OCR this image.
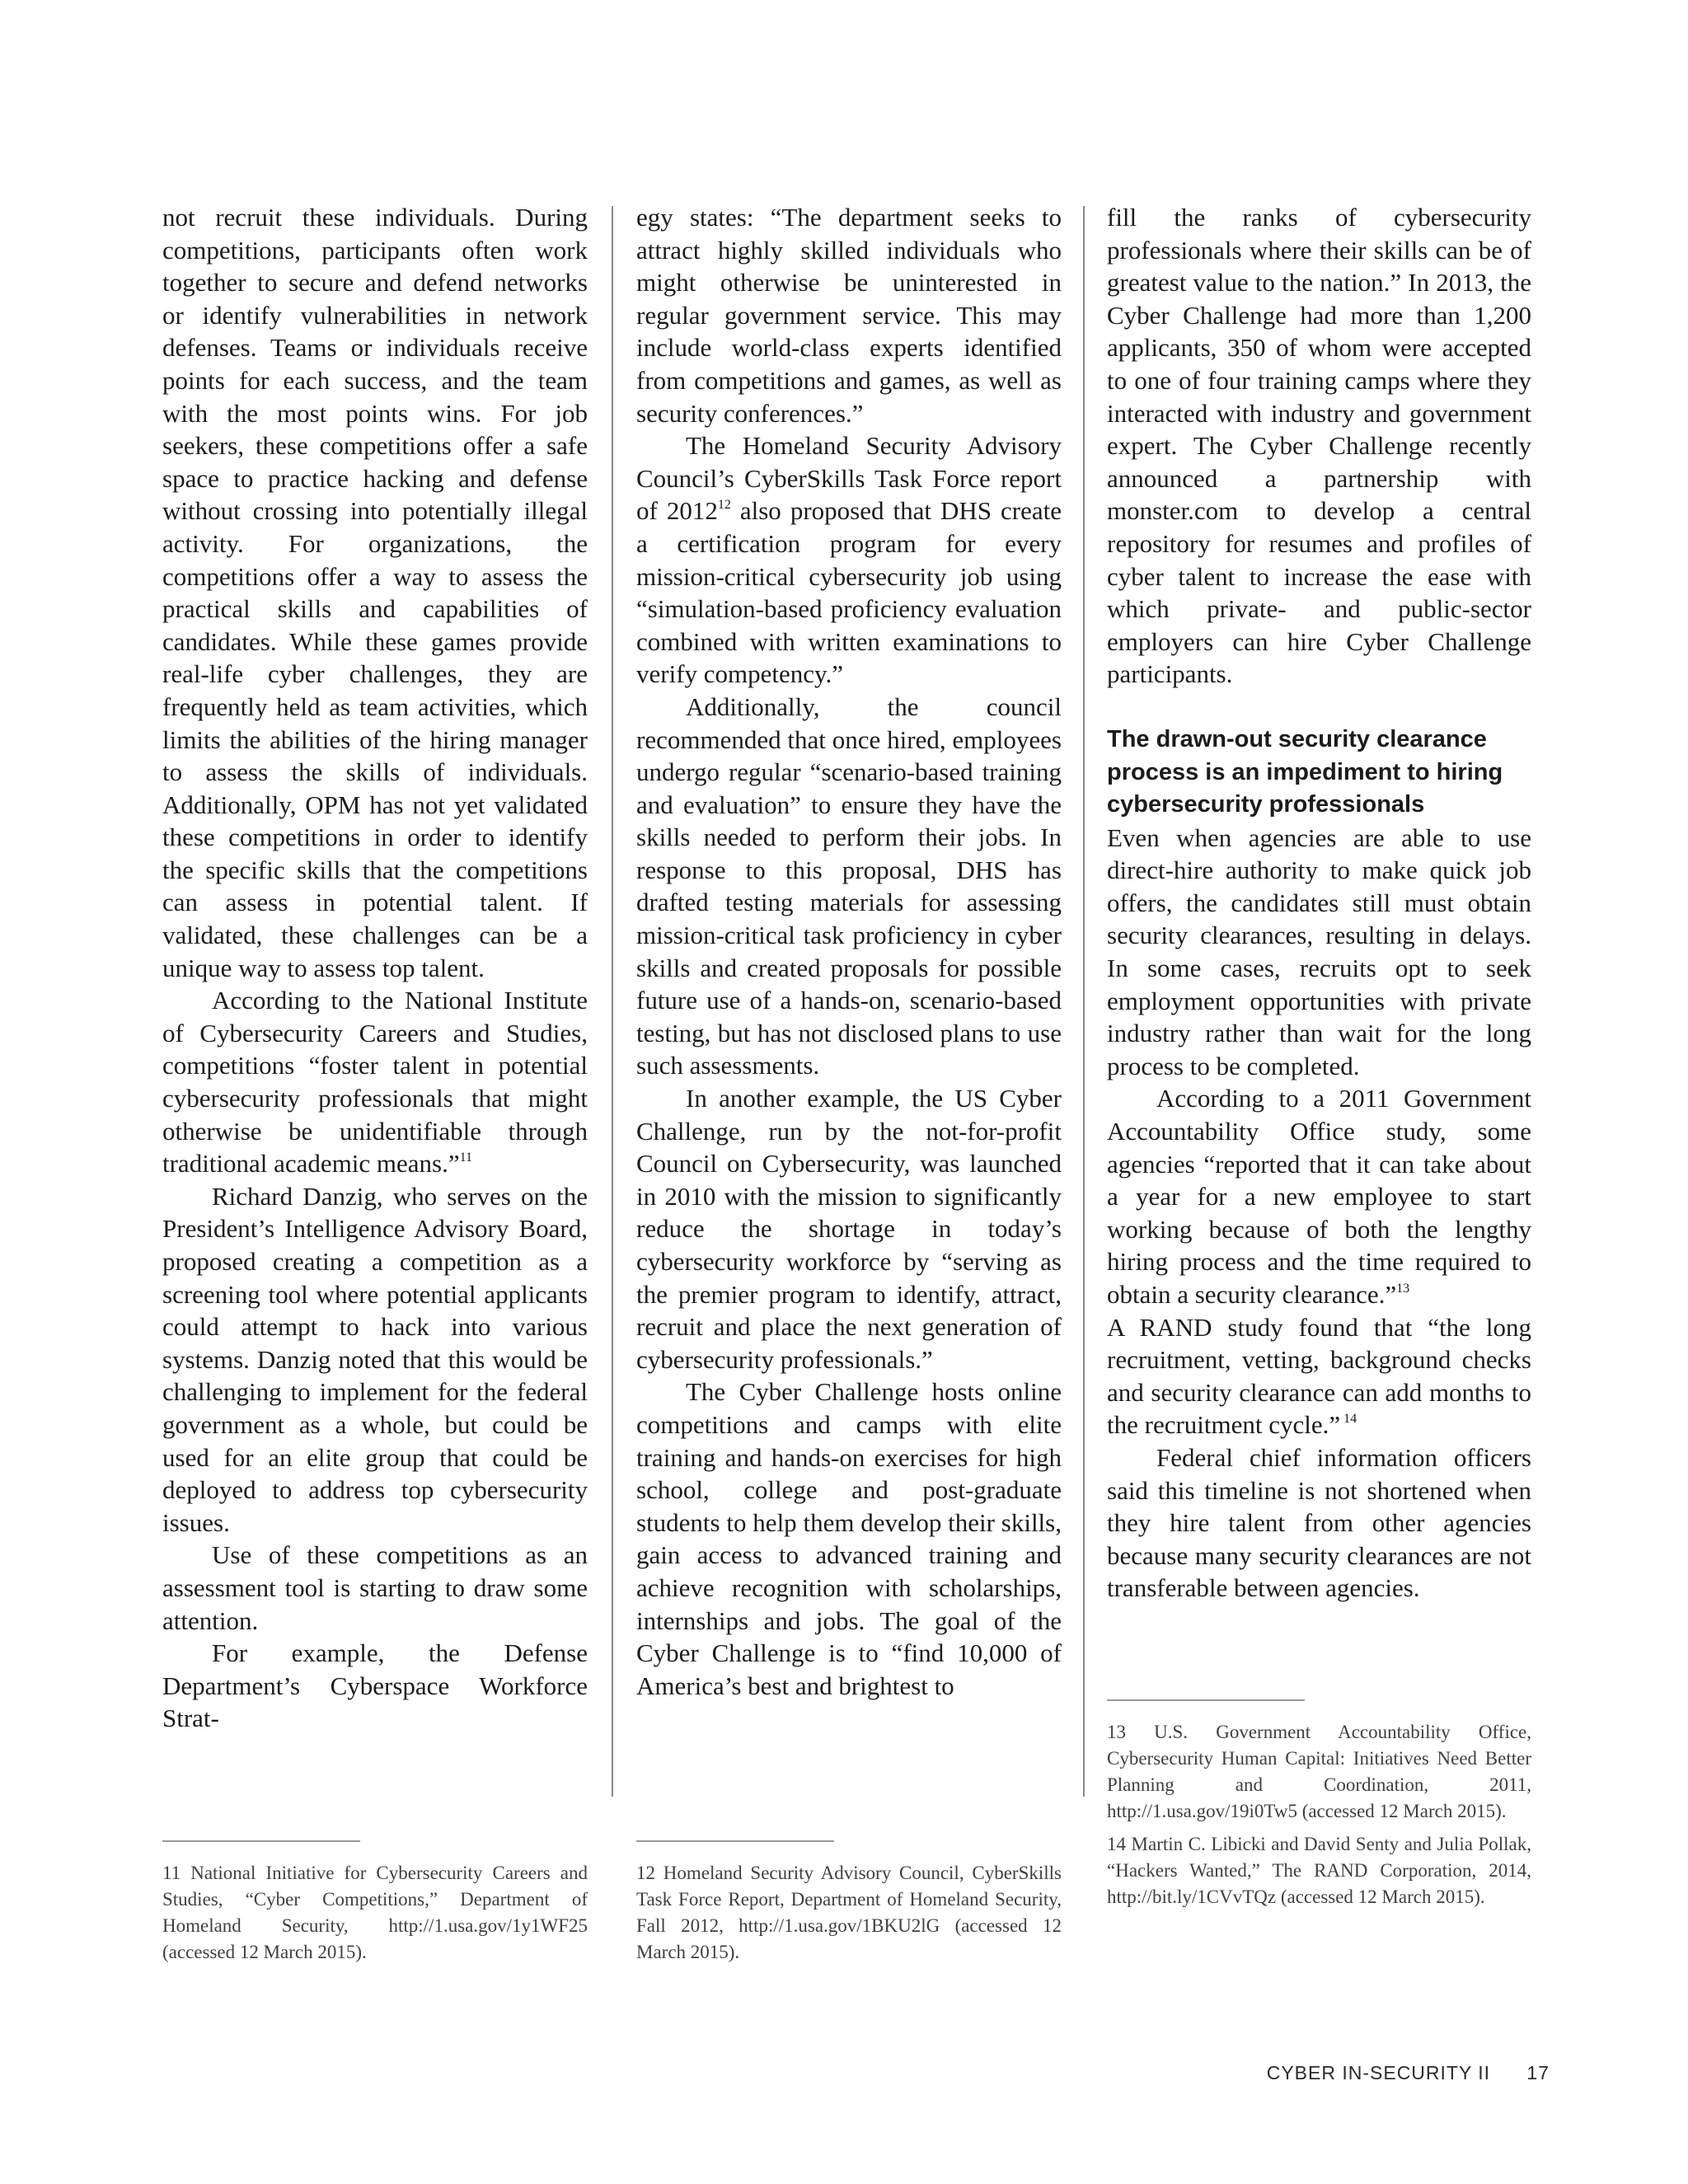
not recruit these individuals. During competitions, participants often work together to secure and defend networks or identify vulnerabilities in network defenses. Teams or individuals receive points for each success, and the team with the most points wins. For job seekers, these competitions offer a safe space to practice hacking and defense without crossing into potentially illegal activity. For organizations, the competitions offer a way to assess the practical skills and capabilities of candidates. While these games provide real-life cyber challenges, they are frequently held as team activities, which limits the abilities of the hiring manager to assess the skills of individuals. Additionally, OPM has not yet validated these competitions in order to identify the specific skills that the competitions can assess in potential talent. If validated, these challenges can be a unique way to assess top talent.

According to the National Institute of Cybersecurity Careers and Studies, competitions “foster talent in potential cybersecurity professionals that might otherwise be unidentifiable through traditional academic means.”$^{11}$

Richard Danzig, who serves on the President’s Intelligence Advisory Board, proposed creating a competition as a screening tool where potential applicants could attempt to hack into various systems. Danzig noted that this would be challenging to implement for the federal government as a whole, but could be used for an elite group that could be deployed to address top cybersecurity issues.

Use of these competitions as an assessment tool is starting to draw some attention.

For example, the Defense Department’s Cyberspace Workforce Strat-

egy states: “The department seeks to attract highly skilled individuals who might otherwise be uninterested in regular government service. This may include world-class experts identified from competitions and games, as well as security conferences.”

The Homeland Security Advisory Council’s CyberSkills Task Force report of 2012$^{12}$ also proposed that DHS create a certification program for every mission-critical cybersecurity job using “simulation-based proficiency evaluation combined with written examinations to verify competency.”

Additionally, the council recommended that once hired, employees undergo regular “scenario-based training and evaluation” to ensure they have the skills needed to perform their jobs. In response to this proposal, DHS has drafted testing materials for assessing mission-critical task proficiency in cyber skills and created proposals for possible future use of a hands-on, scenario-based testing, but has not disclosed plans to use such assessments.

In another example, the US Cyber Challenge, run by the not-for-profit Council on Cybersecurity, was launched in 2010 with the mission to significantly reduce the shortage in today’s cybersecurity workforce by “serving as the premier program to identify, attract, recruit and place the next generation of cybersecurity professionals.”

The Cyber Challenge hosts online competitions and camps with elite training and hands-on exercises for high school, college and post-graduate students to help them develop their skills, gain access to advanced training and achieve recognition with scholarships, internships and jobs. The goal of the Cyber Challenge is to “find 10,000 of America’s best and brightest to

fill the ranks of cybersecurity professionals where their skills can be of greatest value to the nation.” In 2013, the Cyber Challenge had more than 1,200 applicants, 350 of whom were accepted to one of four training camps where they interacted with industry and government expert. The Cyber Challenge recently announced a partnership with monster.com to develop a central repository for resumes and profiles of cyber talent to increase the ease with which private- and public-sector employers can hire Cyber Challenge participants.

The drawn-out security clearance process is an impediment to hiring cybersecurity professionals

Even when agencies are able to use direct-hire authority to make quick job offers, the candidates still must obtain security clearances, resulting in delays. In some cases, recruits opt to seek employment opportunities with private industry rather than wait for the long process to be completed.

According to a 2011 Government Accountability Office study, some agencies “reported that it can take about a year for a new employee to start working because of both the lengthy hiring process and the time required to obtain a security clearance.”$^{13}$

A RAND study found that “the long recruitment, vetting, background checks and security clearance can add months to the recruitment cycle.” $^{14}$

Federal chief information officers said this timeline is not shortened when they hire talent from other agencies because many security clearances are not transferable between agencies.

11 National Initiative for Cybersecurity Careers and Studies, “Cyber Competitions,” Department of Homeland Security, http://1.usa.gov/1y1WF25 (accessed 12 March 2015).

12 Homeland Security Advisory Council, CyberSkills Task Force Report, Department of Homeland Security, Fall 2012, http://1.usa.gov/1BKU2lG (accessed 12 March 2015).

13 U.S. Government Accountability Office, Cybersecurity Human Capital: Initiatives Need Better Planning and Coordination, 2011, http://1.usa.gov/19i0Tw5 (accessed 12 March 2015).

14 Martin C. Libicki and David Senty and Julia Pollak, “Hackers Wanted,” The RAND Corporation, 2014, http://bit.ly/1CVvTQz (accessed 12 March 2015).

CYBER IN-SECURITY II 17
